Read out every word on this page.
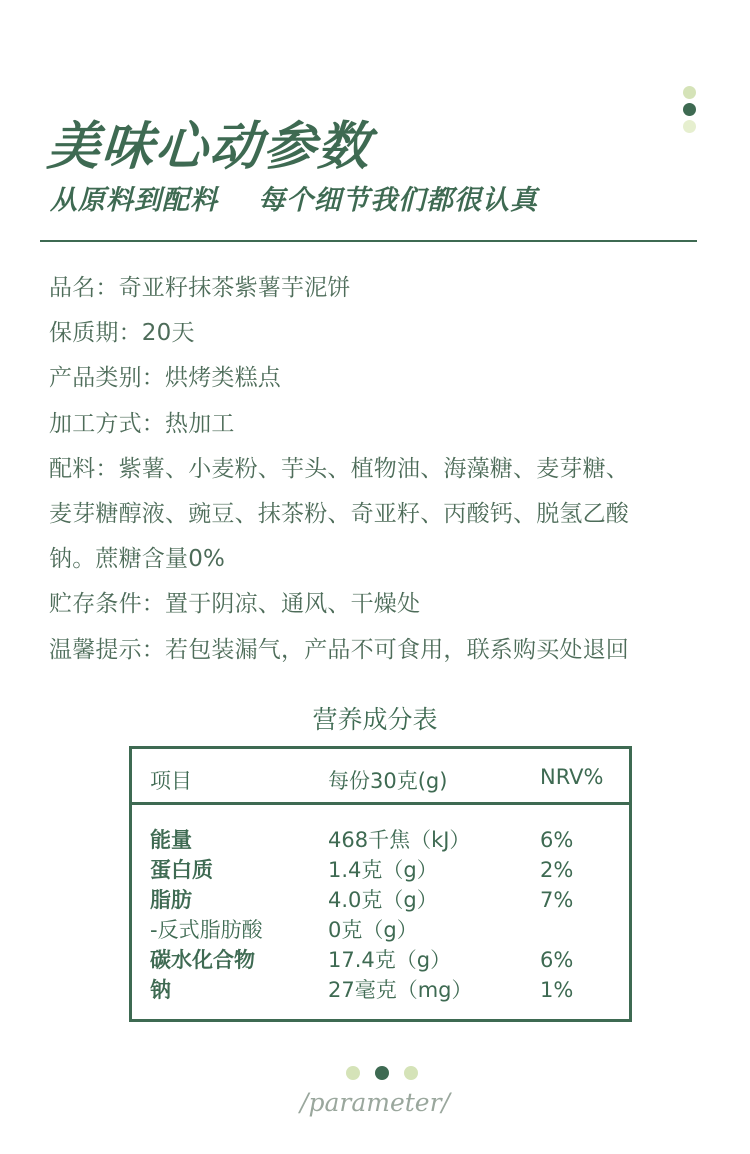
美味心动参数
从原料到配料 每个细节我们都很认真
品名：奇亚籽抹茶紫薯芋泥饼
保质期：20天
产品类别：烘烤类糕点
加工方式：热加工
配料：紫薯、小麦粉、芋头、植物油、海藻糖、麦芽糖、
麦芽糖醇液、豌豆、抹茶粉、奇亚籽、丙酸钙、脱氢乙酸
钠。蔗糖含量0%
贮存条件：置于阴凉、通风、干燥处
温馨提示：若包装漏气，产品不可食用，联系购买处退回
营养成分表
项目	每份30克(g)	NRV%
能量	468千焦（kJ）	6%
蛋白质	1.4克（g）	2%
脂肪	4.0克（g）	7%
-反式脂肪酸	0克（g）
碳水化合物	17.4克（g）	6%
钠	27毫克（mg）	1%

/parameter/
